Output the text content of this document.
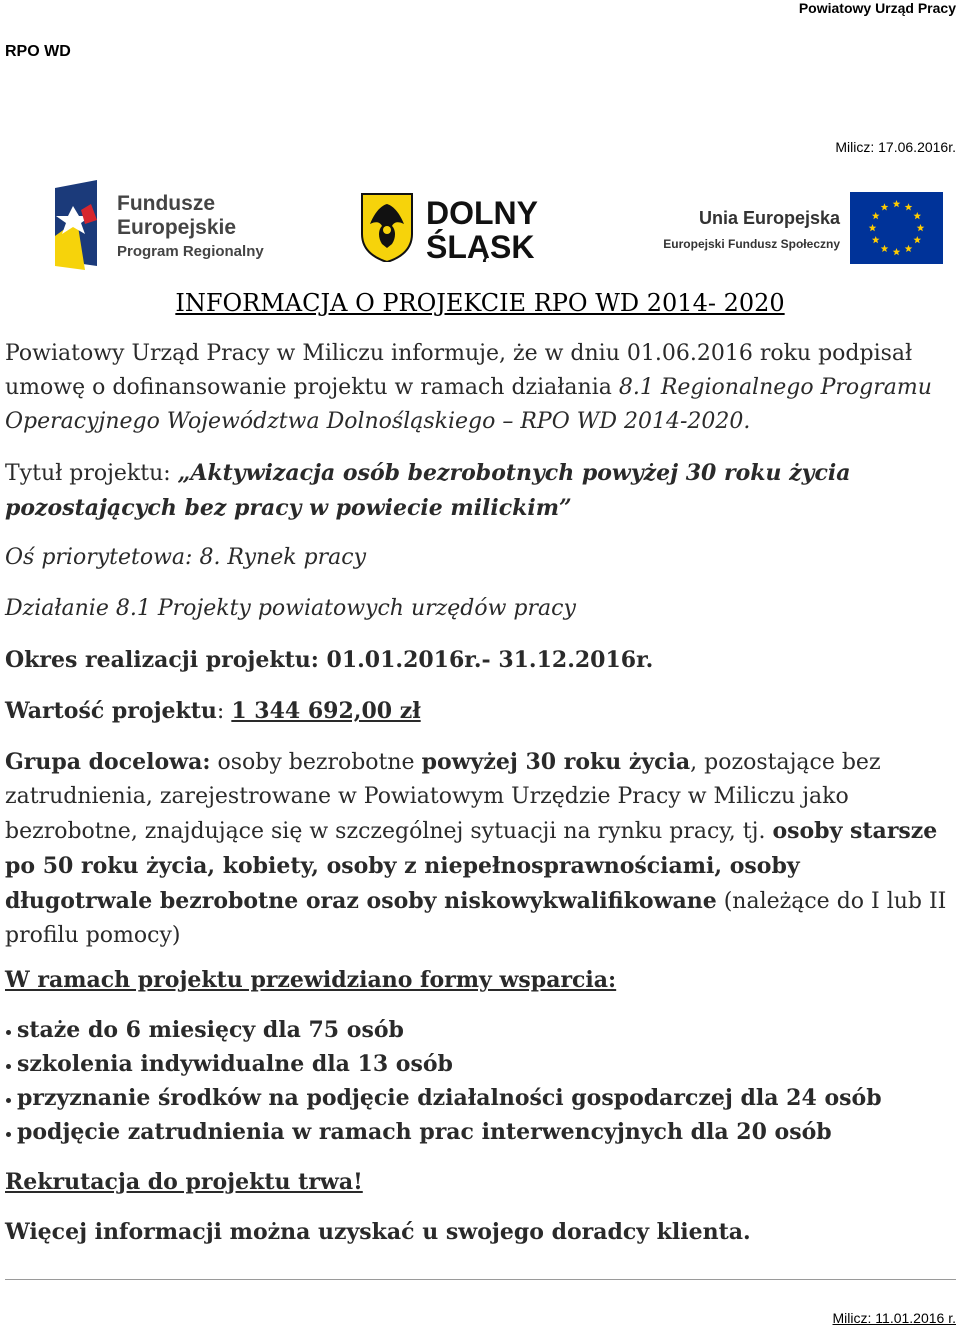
Powiatowy Urząd Pracy
RPO WD
Milicz: 17.06.2016r.
Fundusze
Europejskie
Program Regionalny
DOLNY
ŚLĄSK
Unia Europejska
Europejski Fundusz Społeczny
INFORMACJA O PROJEKCIE RPO WD 2014- 2020

Powiatowy Urząd Pracy w Miliczu informuje, że w dniu 01.06.2016 roku podpisał umowę o dofinansowanie projektu w ramach działania 8.1 Regionalnego Programu Operacyjnego Województwa Dolnośląskiego – RPO WD 2014-2020.

Tytuł projektu: „Aktywizacja osób bezrobotnych powyżej 30 roku życia pozostających bez pracy w powiecie milickim”

Oś priorytetowa: 8. Rynek pracy

Działanie 8.1 Projekty powiatowych urzędów pracy

Okres realizacji projektu: 01.01.2016r.- 31.12.2016r.

Wartość projektu: 1 344 692,00 zł

Grupa docelowa: osoby bezrobotne powyżej 30 roku życia, pozostające bez zatrudnienia, zarejestrowane w Powiatowym Urzędzie Pracy w Miliczu jako bezrobotne, znajdujące się w szczególnej sytuacji na rynku pracy, tj. osoby starsze po 50 roku życia, kobiety, osoby z niepełnosprawnościami, osoby długotrwale bezrobotne oraz osoby niskowykwalifikowane (należące do I lub II profilu pomocy)

W ramach projektu przewidziano formy wsparcia:

staże do 6 miesięcy dla 75 osób
szkolenia indywidualne dla 13 osób
przyznanie środków na podjęcie działalności gospodarczej dla 24 osób
podjęcie zatrudnienia w ramach prac interwencyjnych dla 20 osób

Rekrutacja do projektu trwa!

Więcej informacji można uzyskać u swojego doradcy klienta.

Milicz: 11.01.2016 r.
